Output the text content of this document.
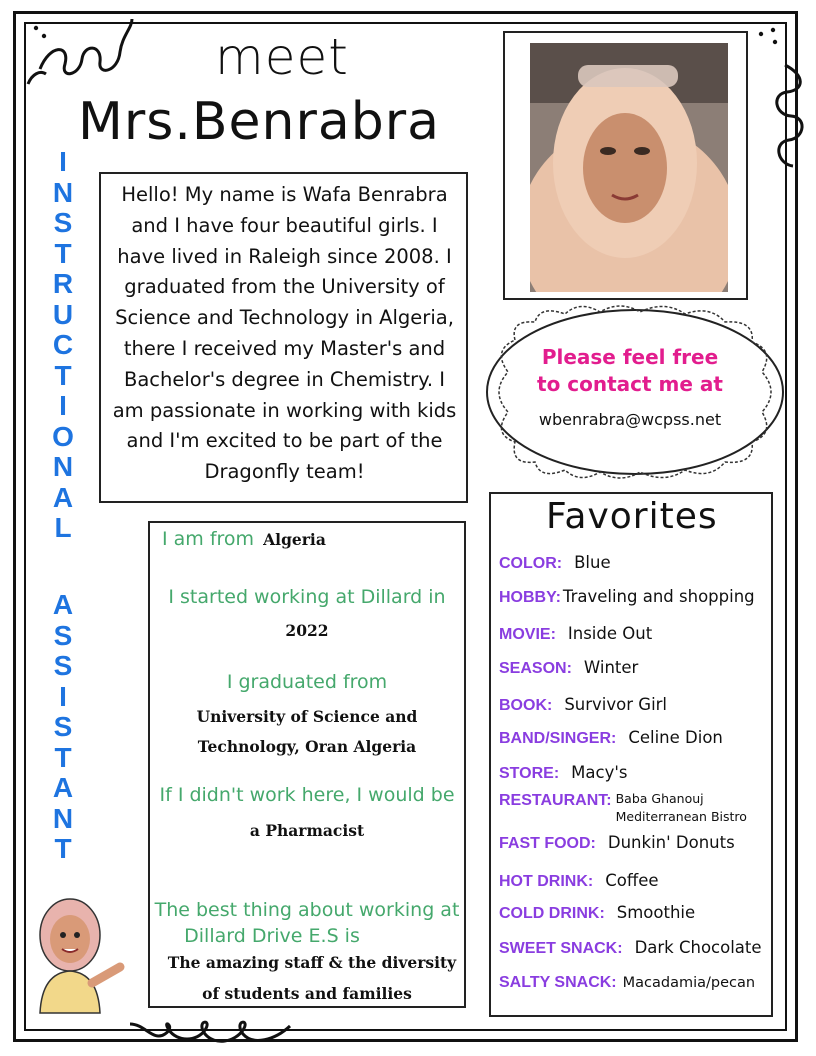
meet
Mrs.Benrabra
I
N
S
T
R
U
C
T
I
O
N
A
L
A
S
S
I
S
T
A
N
T
Hello! My name is Wafa Benrabra and I have four beautiful girls. I have lived in Raleigh since 2008. I graduated from the University of Science and Technology in Algeria, there I received my Master's and Bachelor's degree in Chemistry. I am passionate in working with kids and I'm excited to be part of the Dragonfly team!
Please feel free
to contact me at
wbenrabra@wcpss.net
I am from Algeria
I started working at Dillard in
2022
I graduated from
University of Science and
Technology, Oran Algeria
If I didn't work here, I would be
a Pharmacist
The best thing about working at
Dillard Drive E.S is
The amazing staff & the diversity
of students and families
Favorites
COLOR: Blue
HOBBY: Traveling and shopping
MOVIE: Inside Out
SEASON: Winter
BOOK: Survivor Girl
BAND/SINGER: Celine Dion
STORE: Macy's
RESTAURANT: Baba Ghanouj
Mediterranean Bistro
FAST FOOD: Dunkin' Donuts
HOT DRINK: Coffee
COLD DRINK: Smoothie
SWEET SNACK: Dark Chocolate
SALTY SNACK: Macadamia/pecan
